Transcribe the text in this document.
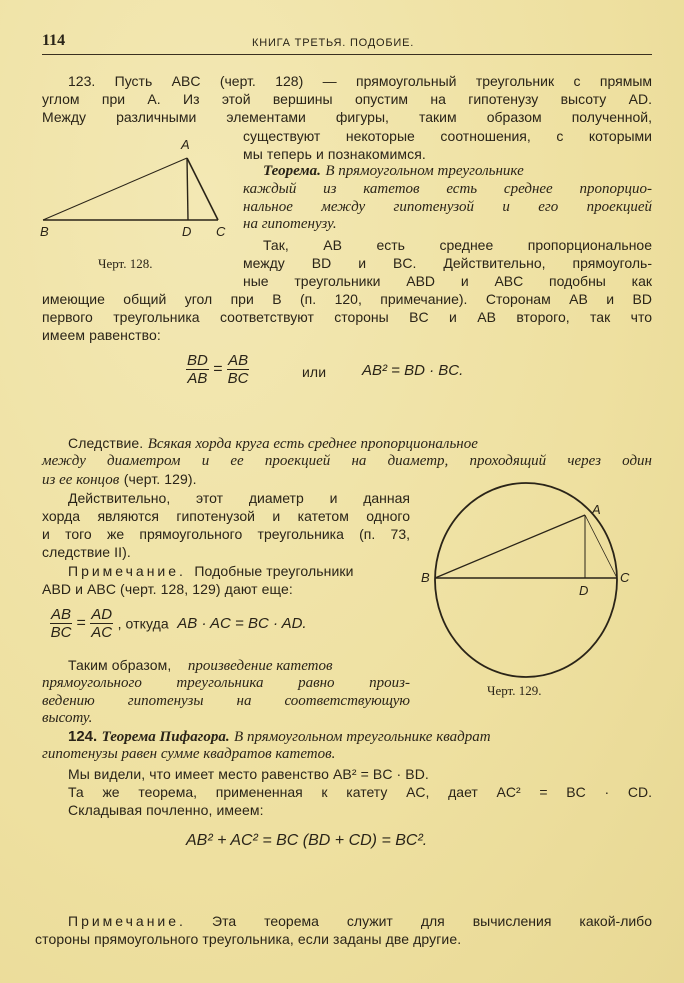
114	КНИГА ТРЕТЬЯ. ПОДОБИЕ.
123. Пусть ABC (черт. 128) — прямоугольный треугольник с прямым
углом при A. Из этой вершины опустим на гипотенузу высоту AD.
Между различными элементами фигуры, таким образом полученной,
существуют некоторые соотношения, с которыми
мы теперь и познакомимся.
A
B	D C
Черт. 128.
Теорема. В прямоугольном треугольнике
каждый из катетов есть среднее пропорцио-
нальное между гипотенузой и его проекцией
на гипотенузу.
Так, AB есть среднее пропорциональное
между BD и BC. Действительно, прямоуголь-
ные треугольники ABD и ABC подобны как
имеющие общий угол при B (п. 120, примечание). Сторонам AB и BD
первого треугольника соответствуют стороны BC и AB второго, так что
имеем равенство:
$\frac{BD}{AB} = \frac{AB}{BC}$	или AB² = BD · BC.
Следствие. Всякая хорда круга есть среднее пропорциональное
между диаметром и ее проекцией на диаметр, проходящий через один
из ее концов (черт. 129).
Действительно, этот диаметр и данная
хорда являются гипотенузой и катетом одного
и того же прямоугольного треугольника (п. 73,
следствие II).
Примечание. Подобные треугольники
ABD и ABC (черт. 128, 129) дают еще:
$\frac{AB}{BC} = \frac{AD}{AC}$ , откуда AB · AC = BC · AD.
Таким образом, произведение катетов
прямоугольного треугольника равно произ-
ведению гипотенузы на соответствующую
высоту.
A
B
D
C
Черт. 129.
124. Теорема Пифагора. В прямоугольном треугольнике квадрат
гипотенузы равен сумме квадратов катетов.
Мы видели, что имеет место равенство AB² = BC · BD.
Та же теорема, примененная к катету AC, дает AC² = BC · CD.
Складывая почленно, имеем:
AB² + AC² = BC (BD + CD) = BC².
Примечание.	Эта теорема служит для вычисления какой-либо
стороны прямоугольного треугольника, если заданы две другие.
